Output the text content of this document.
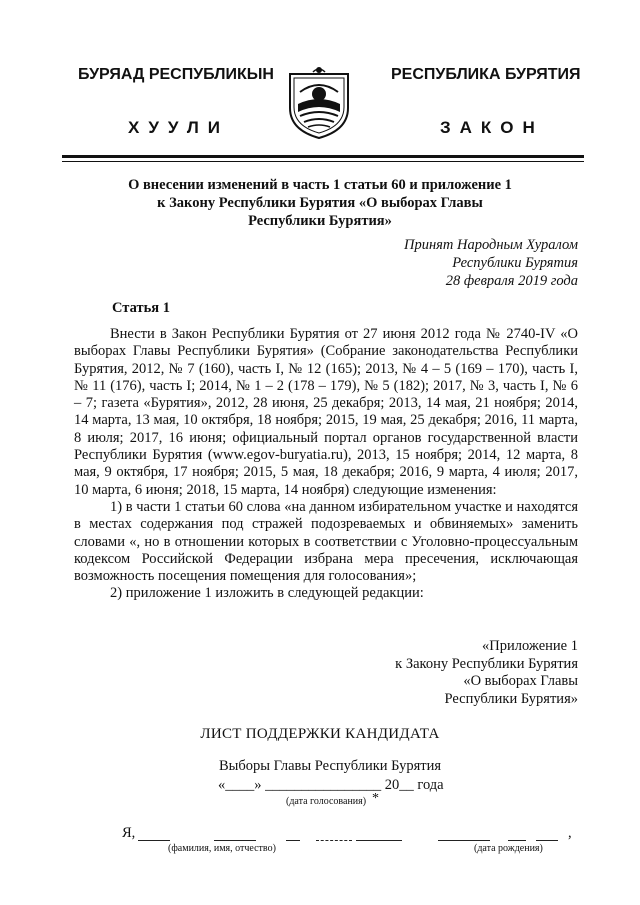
БУРЯАД РЕСПУБЛИКЫН	РЕСПУБЛИКА БУРЯТИЯ
ХУУЛИ	ЗАКОН
О внесении изменений в часть 1 статьи 60 и приложение 1
к Закону Республики Бурятия «О выборах Главы
Республики Бурятия»
Принят Народным Хуралом
Республики Бурятия
28 февраля 2019 года
Статья 1

Внести в Закон Республики Бурятия от 27 июня 2012 года № 2740-IV «О выборах Главы Республики Бурятия» (Собрание законодательства Республики Бурятия, 2012, № 7 (160), часть I, № 12 (165); 2013, № 4 – 5 (169 – 170), часть I, № 11 (176), часть I; 2014, № 1 – 2 (178 – 179), № 5 (182); 2017, № 3, часть I, № 6 – 7; газета «Бурятия», 2012, 28 июня, 25 декабря; 2013, 14 мая, 21 ноября; 2014, 14 марта, 13 мая, 10 октября, 18 ноября; 2015, 19 мая, 25 декабря; 2016, 11 марта, 8 июля; 2017, 16 июня; официальный портал органов государственной власти Республики Бурятия (www.egov-buryatia.ru), 2013, 15 ноября; 2014, 12 марта, 8 мая, 9 октября, 17 ноября; 2015, 5 мая, 18 декабря; 2016, 9 марта, 4 июля; 2017, 10 марта, 6 июня; 2018, 15 марта, 14 ноября) следующие изменения:

1) в части 1 статьи 60 слова «на данном избирательном участке и находятся в местах содержания под стражей подозреваемых и обвиняемых» заменить словами «, но в отношении которых в соответствии с Уголовно-процессуальным кодексом Российской Федерации избрана мера пресечения, исключающая возможность посещения помещения для голосования»;

2) приложение 1 изложить в следующей редакции:

«Приложение 1
к Закону Республики Бурятия
«О выборах Главы
Республики Бурятия»
ЛИСТ ПОДДЕРЖКИ КАНДИДАТА
Выборы Главы Республики Бурятия
«____» ________________ 20__ года
(дата голосования) *
Я,	,
(фамилия, имя, отчество)	(дата рождения)
